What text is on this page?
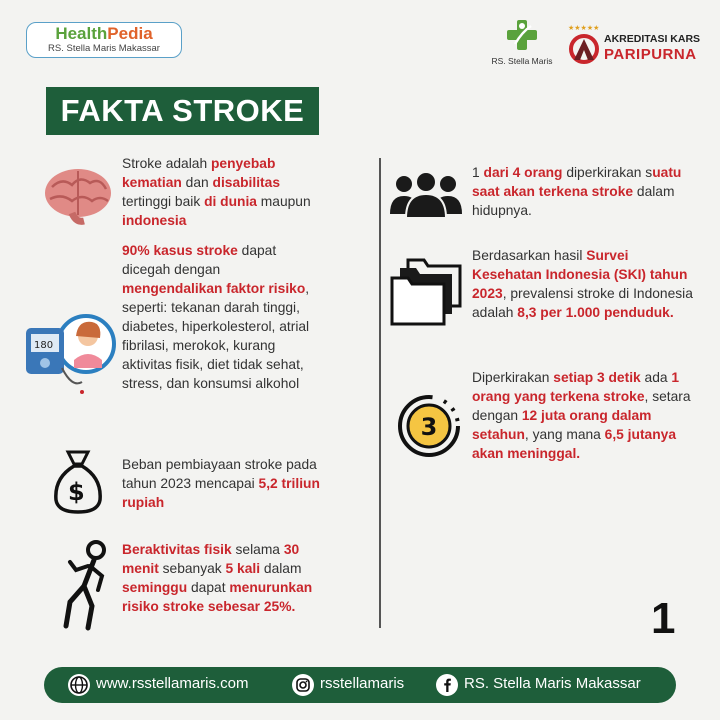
HealthPedia
RS. Stella Maris Makassar
RS. Stella Maris
★★★★★
AKREDITASI KARS
PARIPURNA
FAKTA STROKE
Stroke adalah penyebab kematian dan disabilitas tertinggi baik di dunia maupun indonesia
180
90% kasus stroke dapat dicegah dengan mengendalikan faktor risiko, seperti: tekanan darah tinggi, diabetes, hiperkolesterol, atrial fibrilasi, merokok, kurang aktivitas fisik, diet tidak sehat, stress, dan konsumsi alkohol
$
Beban pembiayaan stroke pada tahun 2023 mencapai 5,2 triliun rupiah
Beraktivitas fisik selama 30 menit sebanyak 5 kali dalam seminggu dapat menurunkan risiko stroke sebesar 25%.
1 dari 4 orang diperkirakan suatu saat akan terkena stroke dalam hidupnya.
Berdasarkan hasil Survei Kesehatan Indonesia (SKI) tahun 2023, prevalensi stroke di Indonesia adalah 8,3 per 1.000 penduduk.
3
Diperkirakan setiap 3 detik ada 1 orang yang terkena stroke, setara dengan 12 juta orang dalam setahun, yang mana 6,5 jutanya akan meninggal.
1
www.rsstellamaris.com	rsstellamaris	RS. Stella Maris Makassar
